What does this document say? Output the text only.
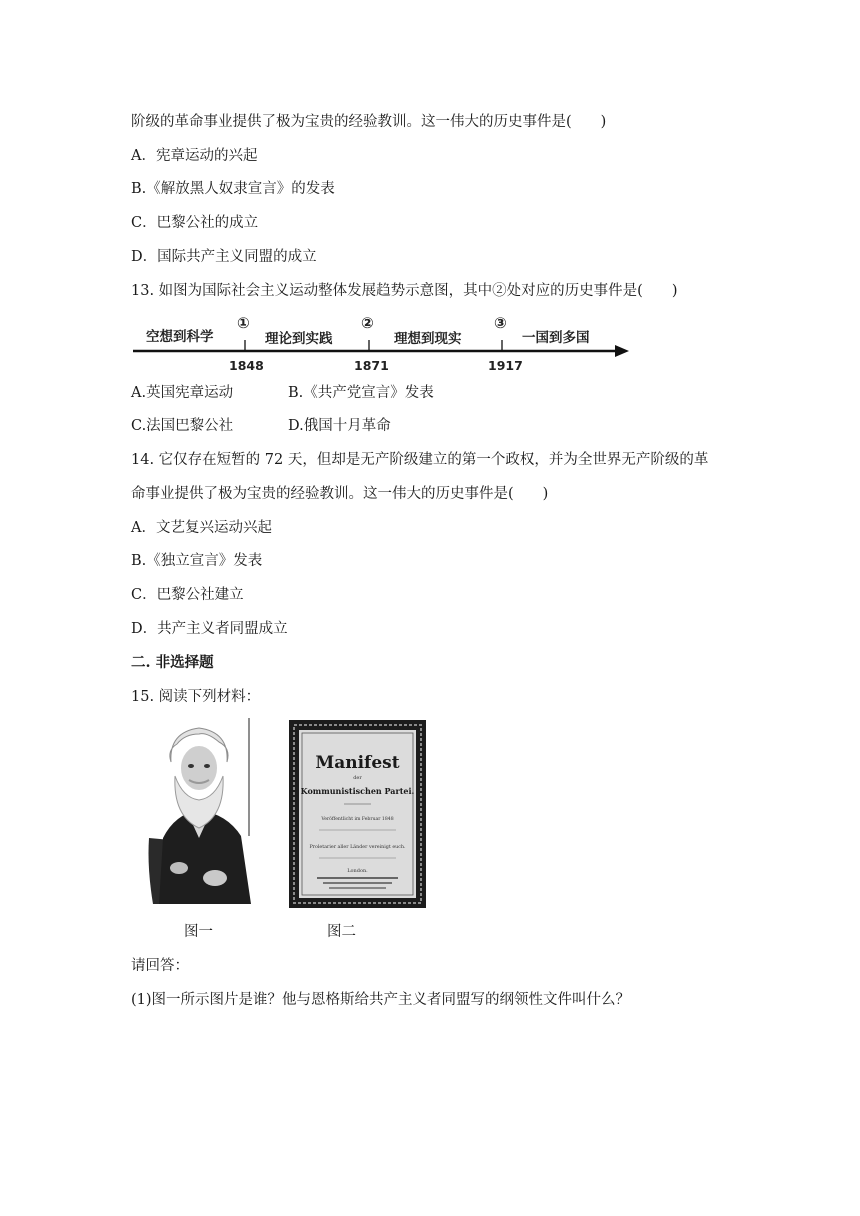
阶级的革命事业提供了极为宝贵的经验教训。这一伟大的历史事件是(　　)
A．宪章运动的兴起
B.《解放黑人奴隶宣言》的发表
C．巴黎公社的成立
D．国际共产主义同盟的成立
13. 如图为国际社会主义运动整体发展趋势示意图，其中②处对应的历史事件是(　　)
空想到科学
①
理论到实践
②
理想到现实
③
一国到多国
1848	1871	1917
A.英国宪章运动	B.《共产党宣言》发表
C.法国巴黎公社	D.俄国十月革命
14. 它仅存在短暂的 72 天，但却是无产阶级建立的第一个政权，并为全世界无产阶级的革
命事业提供了极为宝贵的经验教训。这一伟大的历史事件是(　　)
A．文艺复兴运动兴起
B.《独立宣言》发表
C．巴黎公社建立
D．共产主义者同盟成立
二. 非选择题
15. 阅读下列材料：
Manifest
der
Kommunistischen Partei.
Veröffentlicht im Februar 1848
Proletarier aller Länder vereinigt euch.
London.
图一	图二
请回答：
(1)图一所示图片是谁？他与恩格斯给共产主义者同盟写的纲领性文件叫什么？
